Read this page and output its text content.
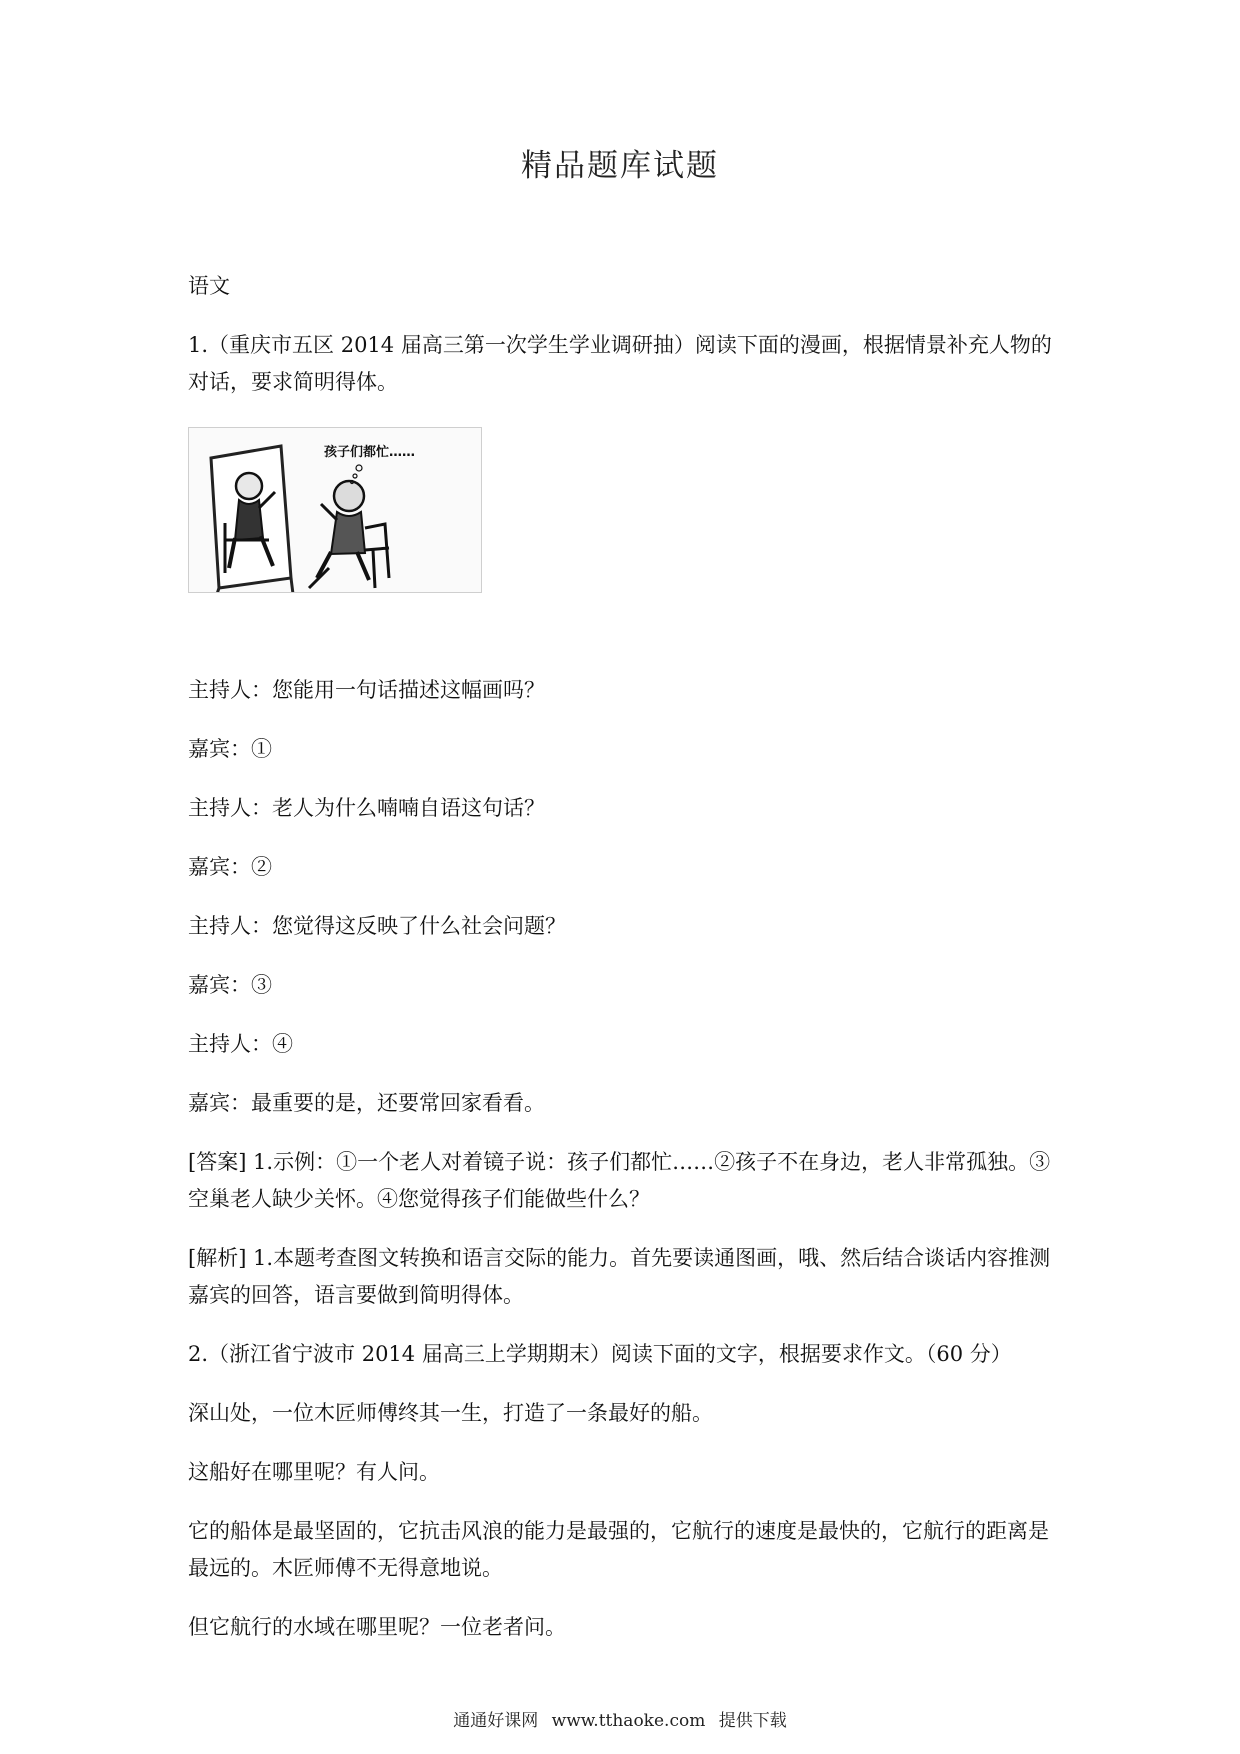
精品题库试题

语文

1.（重庆市五区 2014 届高三第一次学生学业调研抽）阅读下面的漫画，根据情景补充人物的对话，要求简明得体。

孩子们都忙……

主持人：您能用一句话描述这幅画吗？

嘉宾：①

主持人：老人为什么喃喃自语这句话？

嘉宾：②

主持人：您觉得这反映了什么社会问题？

嘉宾：③

主持人：④

嘉宾：最重要的是，还要常回家看看。

[答案] 1.示例：①一个老人对着镜子说：孩子们都忙……②孩子不在身边，老人非常孤独。③空巢老人缺少关怀。④您觉得孩子们能做些什么？

[解析] 1.本题考查图文转换和语言交际的能力。首先要读通图画，哦、然后结合谈话内容推测嘉宾的回答，语言要做到简明得体。

2.（浙江省宁波市 2014 届高三上学期期末）阅读下面的文字，根据要求作文。（60 分）

深山处，一位木匠师傅终其一生，打造了一条最好的船。

这船好在哪里呢？有人问。

它的船体是最坚固的，它抗击风浪的能力是最强的，它航行的速度是最快的，它航行的距离是最远的。木匠师傅不无得意地说。

但它航行的水域在哪里呢？一位老者问。

通通好课网 www.tthaoke.com 提供下载
